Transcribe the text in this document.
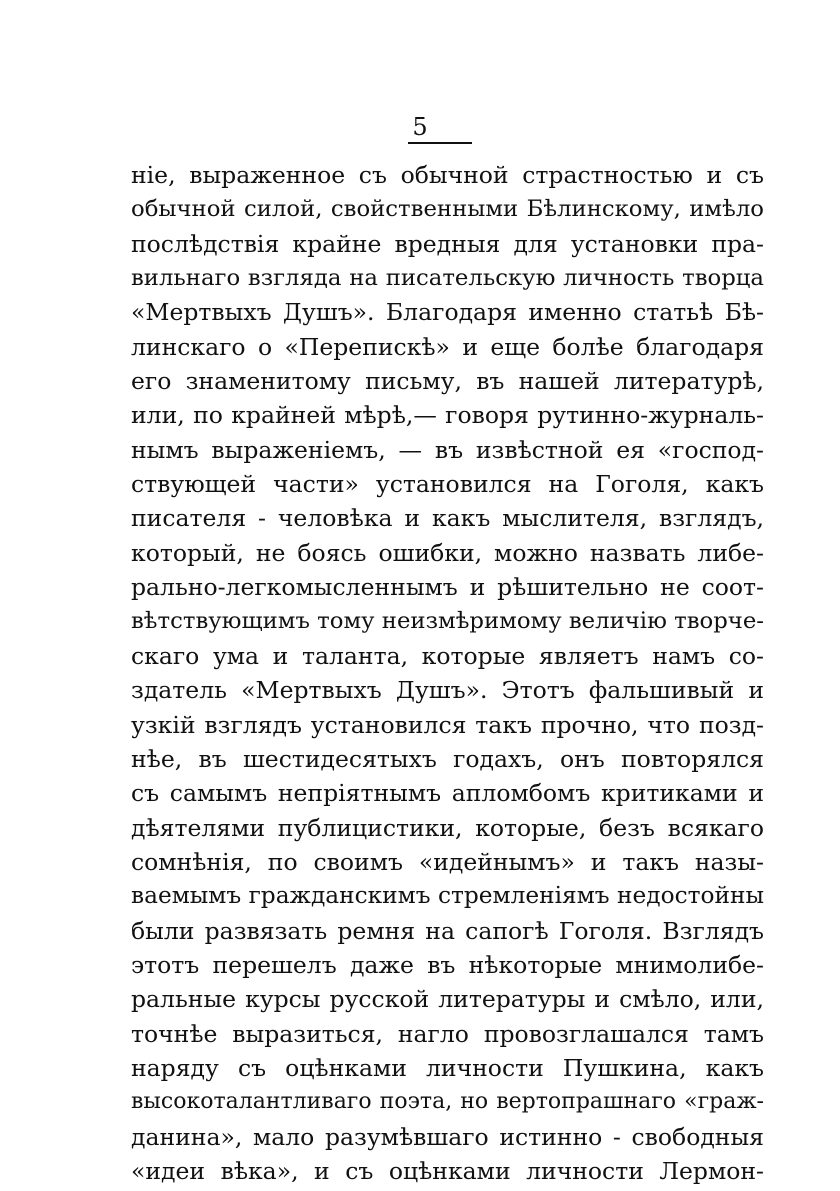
5
ніе, выраженное съ обычной страстностью и съ
обычной силой, свойственными Бѣлинскому, имѣло
послѣдствія крайне вредныя для установки пра-
вильнаго взгляда на писательскую личность творца
«Мертвыхъ Душъ». Благодаря именно статьѣ Бѣ-
линскаго о «Перепискѣ» и еще болѣе благодаря
его знаменитому письму, въ нашей литературѣ,
или, по крайней мѣрѣ,— говоря рутинно-журналь-
нымъ выраженіемъ, — въ извѣстной ея «господ-
ствующей части» установился на Гоголя, какъ
писателя - человѣка и какъ мыслителя, взглядъ,
который, не боясь ошибки, можно назвать либе-
рально-легкомысленнымъ и рѣшительно не соот-
вѣтствующимъ тому неизмѣримому величію творче-
скаго ума и таланта, которые являетъ намъ со-
здатель «Мертвыхъ Душъ». Этотъ фальшивый и
узкій взглядъ установился такъ прочно, что позд-
нѣе, въ шестидесятыхъ годахъ, онъ повторялся
съ самымъ непріятнымъ апломбомъ критиками и
дѣятелями публицистики, которые, безъ всякаго
сомнѣнія, по своимъ «идейнымъ» и такъ назы-
ваемымъ гражданскимъ стремленіямъ недостойны
были развязать ремня на сапогѣ Гоголя. Взглядъ
этотъ перешелъ даже въ нѣкоторые мнимолибе-
ральные курсы русской литературы и смѣло, или,
точнѣе выразиться, нагло провозглашался тамъ
наряду съ оцѣнками личности Пушкина, какъ
высокоталантливаго поэта, но вертопрашнаго «граж-
данина», мало разумѣвшаго истинно - свободныя
«идеи вѣка», и съ оцѣнками личности Лермон-
